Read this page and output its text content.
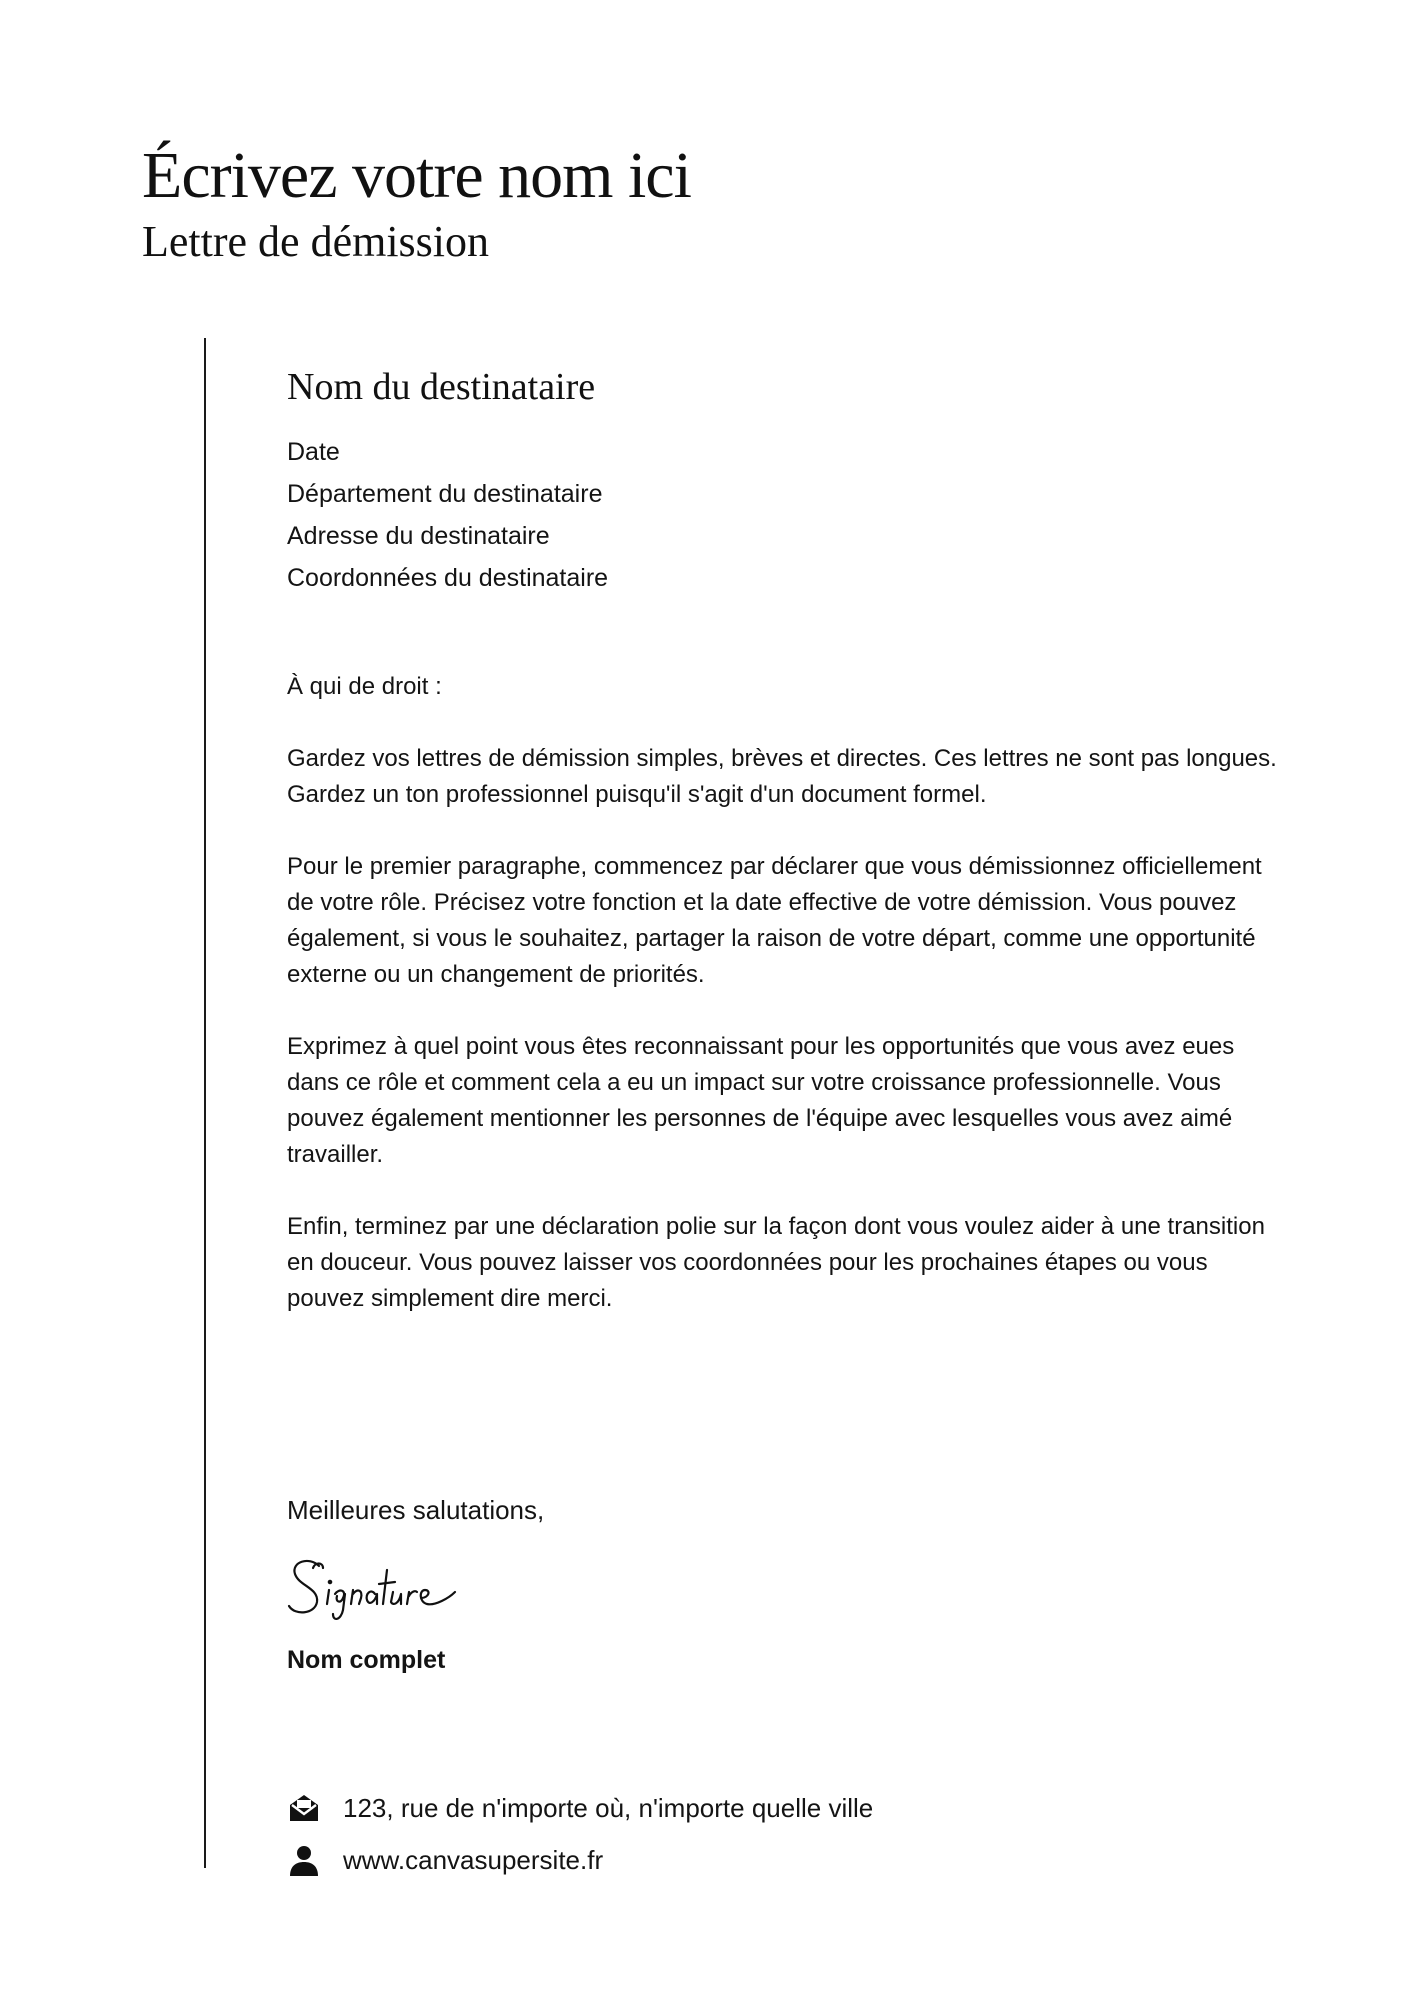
Écrivez votre nom ici
Lettre de démission
Nom du destinataire
Date
Département du destinataire
Adresse du destinataire
Coordonnées du destinataire
À qui de droit :

Gardez vos lettres de démission simples, brèves et directes. Ces lettres ne sont pas longues. Gardez un ton professionnel puisqu'il s'agit d'un document formel.

Pour le premier paragraphe, commencez par déclarer que vous démissionnez officiellement de votre rôle. Précisez votre fonction et la date effective de votre démission. Vous pouvez également, si vous le souhaitez, partager la raison de votre départ, comme une opportunité externe ou un changement de priorités.

Exprimez à quel point vous êtes reconnaissant pour les opportunités que vous avez eues dans ce rôle et comment cela a eu un impact sur votre croissance professionnelle. Vous pouvez également mentionner les personnes de l'équipe avec lesquelles vous avez aimé travailler.

Enfin, terminez par une déclaration polie sur la façon dont vous voulez aider à une transition en douceur. Vous pouvez laisser vos coordonnées pour les prochaines étapes ou vous pouvez simplement dire merci.

Meilleures salutations,
Nom complet
123, rue de n'importe où, n'importe quelle ville
www.canvasupersite.fr
